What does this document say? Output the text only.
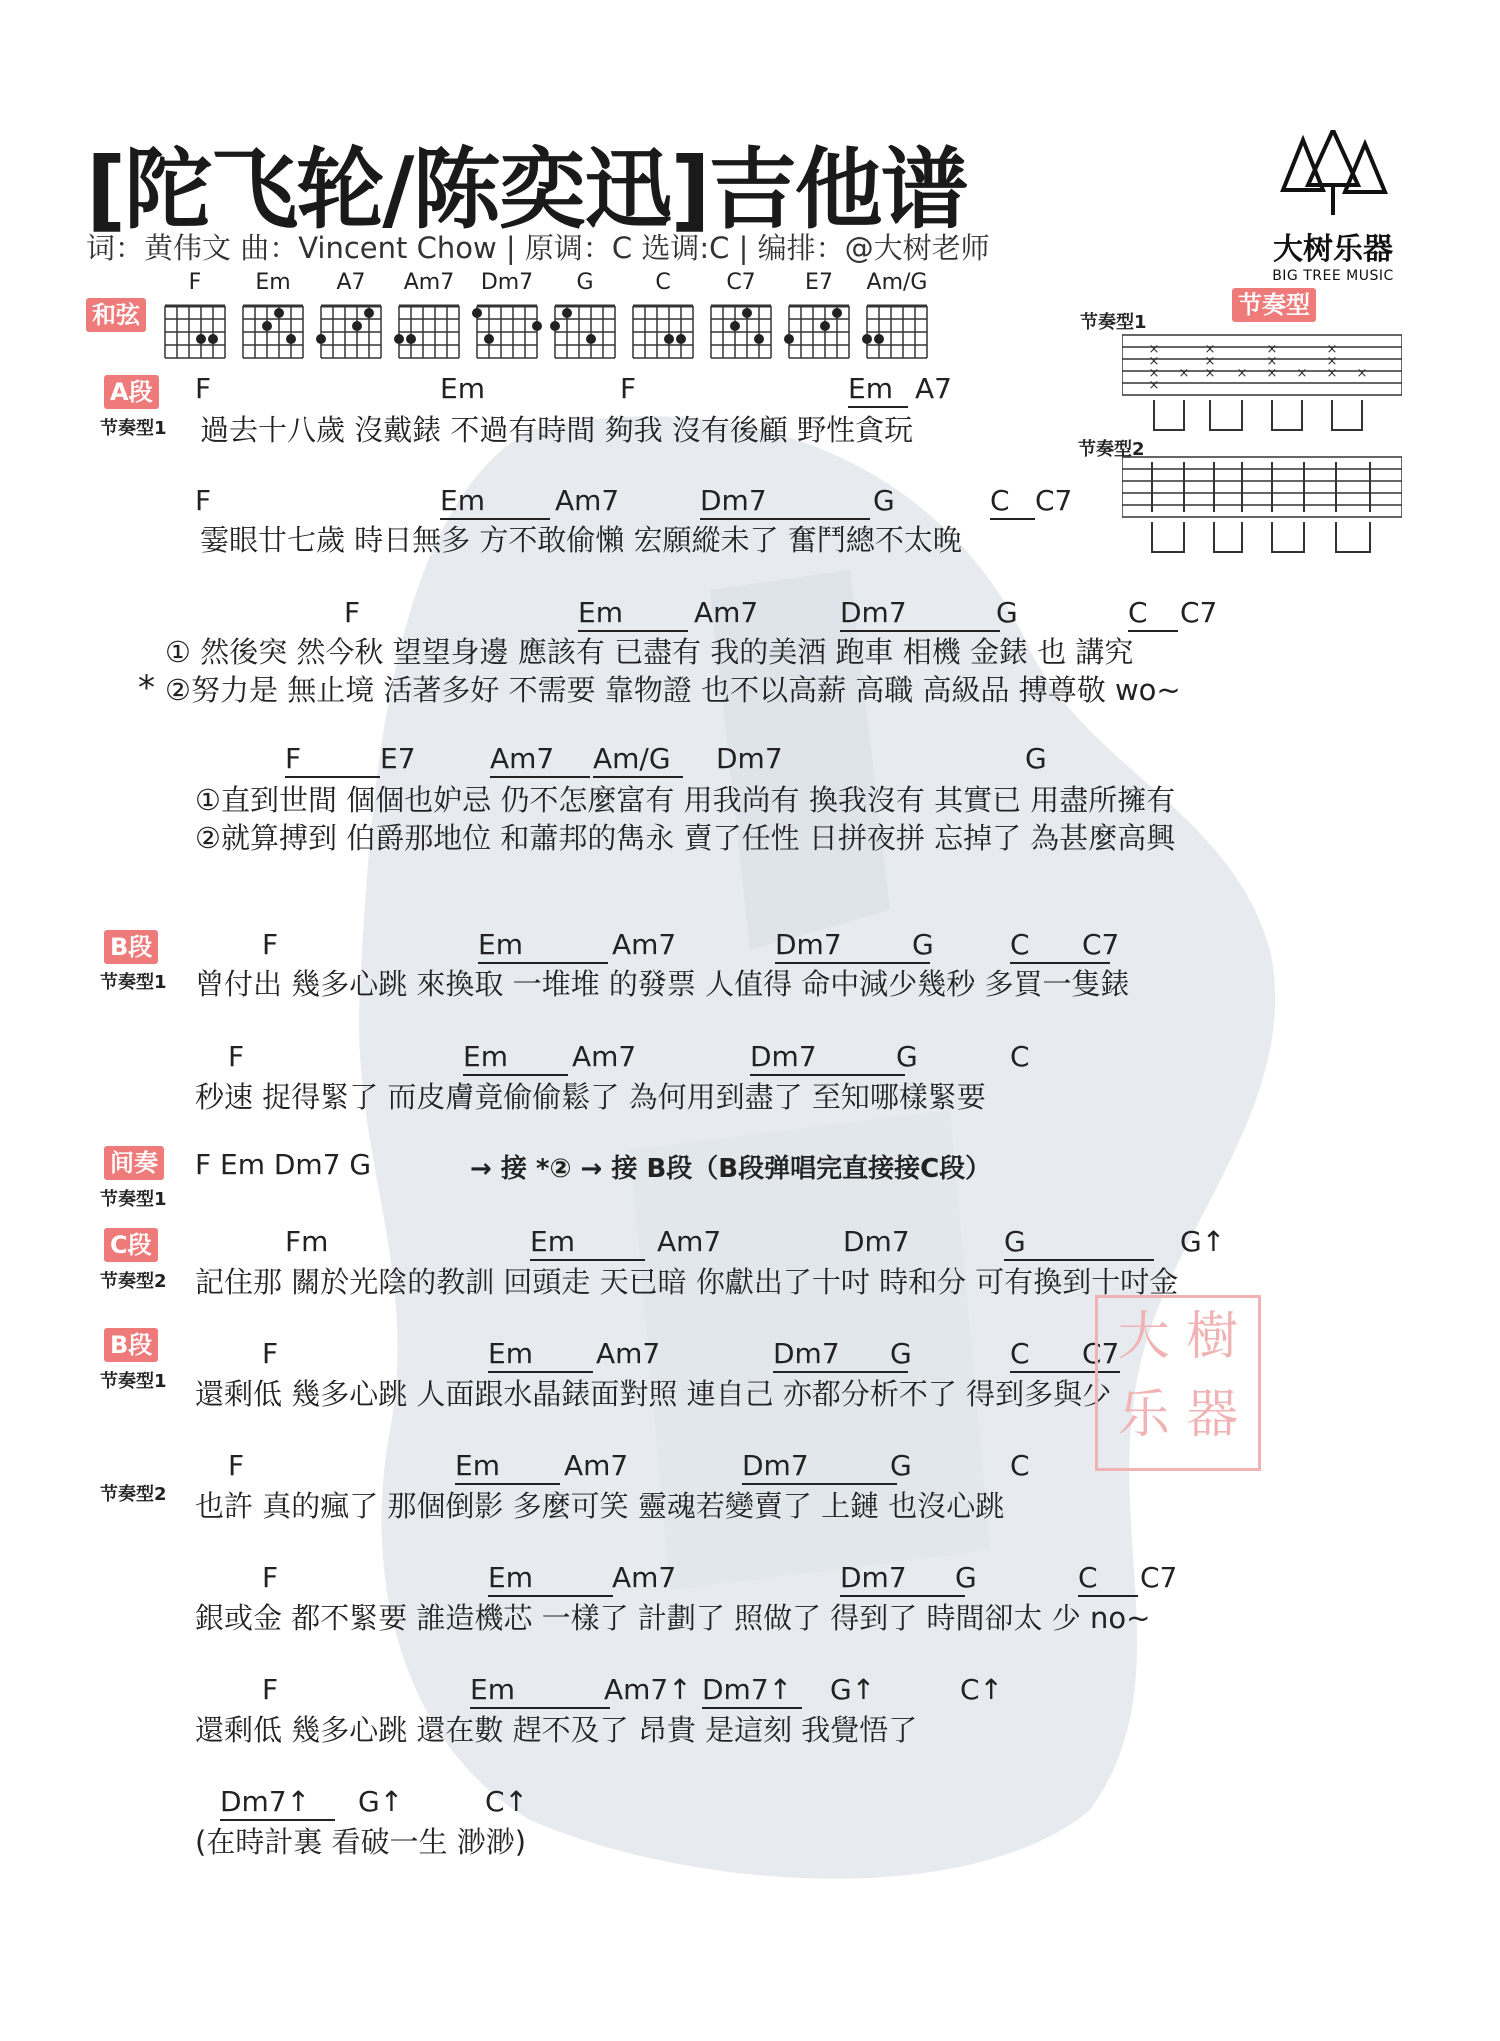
[陀飞轮/陈奕迅]吉他谱
词：黄伟文 曲：Vincent Chow | 原调：C 选调:C | 编排：@大树老师	大树乐器
BIG TREE MUSIC
和弦
F	Em	A7	Am7	Dm7	G	C	C7	E7	Am/G
节奏型
节奏型1
×
×
×
×
×
×
×
×
×
×
×
×
×
×	×	×	×
节奏型2
A段
节奏型1
F	Em	F	Em A7
過去十八歲 沒戴錶 不過有時間 夠我 沒有後顧 野性貪玩
F	Em	Am7	Dm7	G	C C7
霎眼廿七歲 時日無多 方不敢偷懶 宏願縱未了 奮鬥總不太晚
F	Em	Am7	Dm7	G	C	C7
① 然後突 然今秋 望望身邊 應該有 已盡有 我的美酒 跑車 相機 金錶 也 講究
* ②努力是 無止境 活著多好 不需要 靠物證 也不以高薪 高職 高級品 搏尊敬 wo~
F	E7	Am7	Am/G	Dm7	G
①直到世間 個個也妒忌 仍不怎麼富有 用我尚有 換我沒有 其實已 用盡所擁有
②就算搏到 伯爵那地位 和蕭邦的雋永 賣了任性 日拼夜拼 忘掉了 為甚麼高興
F	Em	Am7	Dm7	G	C	C7
曾付出 幾多心跳 來換取 一堆堆 的發票 人值得 命中減少幾秒 多買一隻錶
F	Em	Am7	Dm7	G	C
秒速 捉得緊了 而皮膚竟偷偷鬆了 為何用到盡了 至知哪樣緊要
Fm	Em	Am7	Dm7	G	G↑
記住那 關於光陰的教訓 回頭走 天已暗 你獻出了十吋 時和分 可有換到十吋金
F	Em	Am7	Dm7	G	C	C7
還剩低 幾多心跳 人面跟水晶錶面對照 連自己 亦都分析不了 得到多與少
F	Em	Am7	Dm7	G	C
也許 真的瘋了 那個倒影 多麼可笑 靈魂若變賣了 上鏈 也沒心跳
F	Em	Am7	Dm7	G	C	C7
銀或金 都不緊要 誰造機芯 一樣了 計劃了 照做了 得到了 時間卻太 少 no~
F	Em	Am7↑ Dm7↑	G↑	C↑
還剩低 幾多心跳 還在數 趕不及了 昂貴 是這刻 我覺悟了
Dm7↑	G↑	C↑
(在時計裏 看破一生 渺渺)
B段
节奏型1
间奏
节奏型1
F Em Dm7 G	→ 接 *② → 接 B段（B段弹唱完直接接C段）
C段
节奏型2
B段
节奏型1
节奏型2
大 樹
乐 器
